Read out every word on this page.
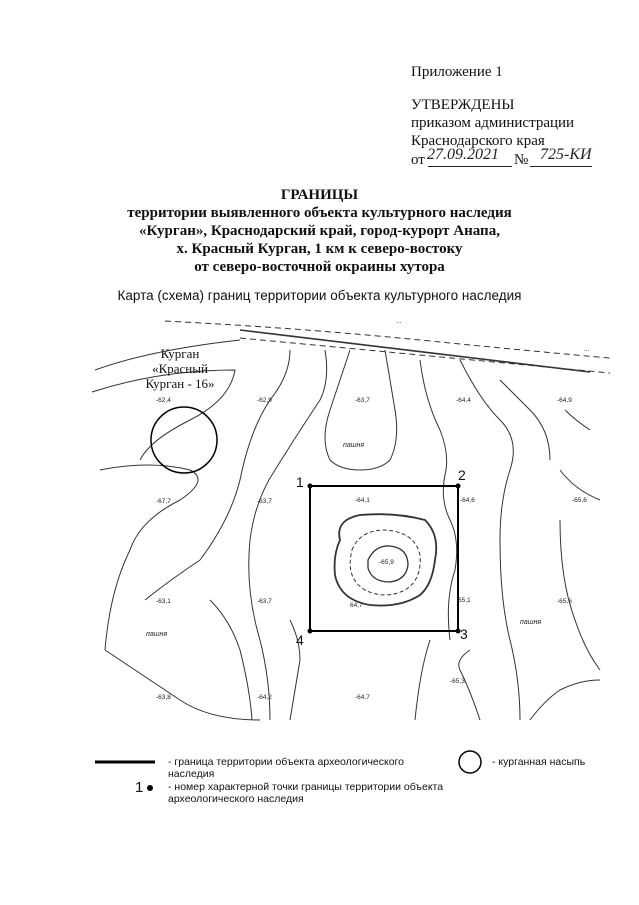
Приложение 1
УТВЕРЖДЕНЫ
приказом администрации
Краснодарского края
от 27.09.2021 № 725-КИ
ГРАНИЦЫ
территории выявленного объекта культурного наследия
«Курган», Краснодарский край, город-курорт Анапа,
х. Красный Курган, 1 км к северо-востоку
от северо-восточной окраины хутора
Карта (схема) границ территории объекта культурного наследия
Курган
«Красный
Курган - 16»
-62,4	-62,9	-63,7	-64,4	-64,9
-67,7	-63,7	-64,1	-64,6	-65,6
-65,9
64,7
-63,1	-63,7	65,1	-65,6
-63,8	-64,2	-64,7
-65,3
...
...
пашня
пашня
пашня
1	2
3
4
- граница территории объекта археологического наследия
1 - номер характерной точки границы территории объекта археологического наследия
- курганная насыпь
